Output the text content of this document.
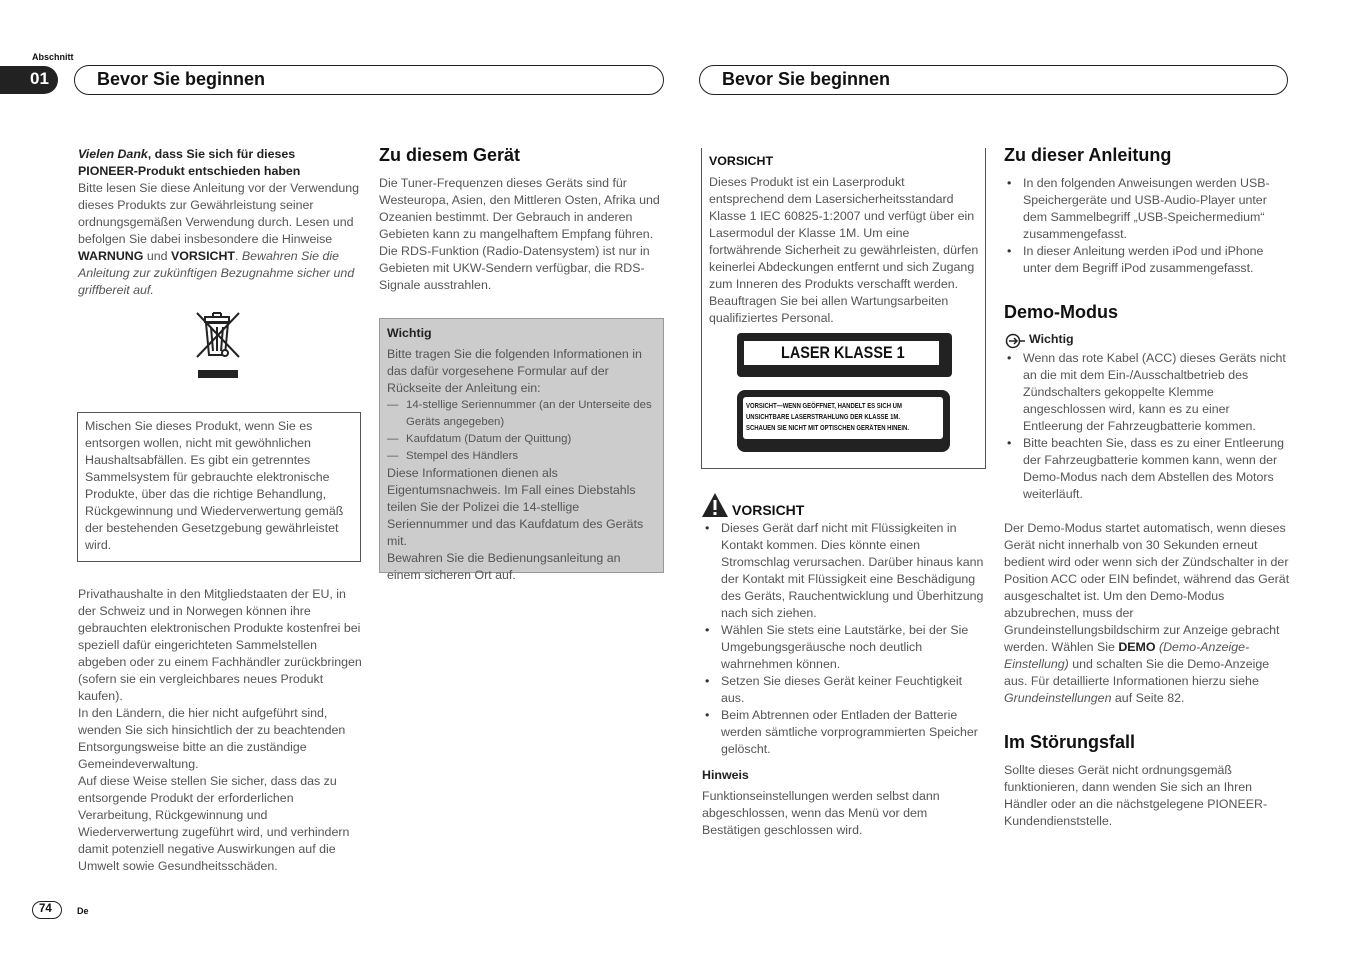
Abschnitt
01	Bevor Sie beginnen	Bevor Sie beginnen
Vielen Dank, dass Sie sich für dieses
PIONEER-Produkt entschieden haben
Bitte lesen Sie diese Anleitung vor der Verwendung dieses Produkts zur Gewährleistung seiner ordnungsgemäßen Verwendung durch. Lesen und befolgen Sie dabei insbesondere die Hinweise WARNUNG und VORSICHT. Bewahren Sie die Anleitung zur zukünftigen Bezugnahme sicher und griffbereit auf.
Mischen Sie dieses Produkt, wenn Sie es entsorgen wollen, nicht mit gewöhnlichen Haushaltsabfällen. Es gibt ein getrenntes Sammelsystem für gebrauchte elektronische Produkte, über das die richtige Behandlung, Rückgewinnung und Wiederverwertung gemäß der bestehenden Gesetzgebung gewährleistet wird.

Privathaushalte in den Mitgliedstaaten der EU, in der Schweiz und in Norwegen können ihre gebrauchten elektronischen Produkte kostenfrei bei speziell dafür eingerichteten Sammelstellen abgeben oder zu einem Fachhändler zurückbringen (sofern sie ein vergleichbares neues Produkt kaufen).

In den Ländern, die hier nicht aufgeführt sind, wenden Sie sich hinsichtlich der zu beachtenden Entsorgungsweise bitte an die zuständige Gemeindeverwaltung.

Auf diese Weise stellen Sie sicher, dass das zu entsorgende Produkt der erforderlichen Verarbeitung, Rückgewinnung und Wiederverwertung zugeführt wird, und verhindern damit potenziell negative Auswirkungen auf die Umwelt sowie Gesundheitsschäden.

Zu diesem Gerät

Die Tuner-Frequenzen dieses Geräts sind für Westeuropa, Asien, den Mittleren Osten, Afrika und Ozeanien bestimmt. Der Gebrauch in anderen Gebieten kann zu mangelhaftem Empfang führen. Die RDS-Funktion (Radio-Datensystem) ist nur in Gebieten mit UKW-Sendern verfügbar, die RDS-Signale ausstrahlen.

Wichtig

Bitte tragen Sie die folgenden Informationen in das dafür vorgesehene Formular auf der Rückseite der Anleitung ein:

— 14-stellige Seriennummer (an der Unterseite des Geräts angegeben)
— Kaufdatum (Datum der Quittung)
— Stempel des Händlers

Diese Informationen dienen als Eigentumsnachweis. Im Fall eines Diebstahls teilen Sie der Polizei die 14-stellige Seriennummer und das Kaufdatum des Geräts mit.

Bewahren Sie die Bedienungsanleitung an einem sicheren Ort auf.

VORSICHT

Dieses Produkt ist ein Laserprodukt entsprechend dem Lasersicherheitsstandard Klasse 1 IEC 60825-1:2007 und verfügt über ein Lasermodul der Klasse 1M. Um eine fortwährende Sicherheit zu gewährleisten, dürfen keinerlei Abdeckungen entfernt und sich Zugang zum Inneren des Produkts verschafft werden. Beauftragen Sie bei allen Wartungsarbeiten qualifiziertes Personal.

LASER KLASSE 1
VORSICHT—WENN GEÖFFNET, HANDELT ES SICH UM
UNSICHTBARE LASERSTRAHLUNG DER KLASSE 1M.
SCHAUEN SIE NICHT MIT OPTISCHEN GERÄTEN HINEIN.
VORSICHT
• Dieses Gerät darf nicht mit Flüssigkeiten in Kontakt kommen. Dies könnte einen Stromschlag verursachen. Darüber hinaus kann der Kontakt mit Flüssigkeit eine Beschädigung des Geräts, Rauchentwicklung und Überhitzung nach sich ziehen.
• Wählen Sie stets eine Lautstärke, bei der Sie Umgebungsgeräusche noch deutlich wahrnehmen können.
• Setzen Sie dieses Gerät keiner Feuchtigkeit aus.
• Beim Abtrennen oder Entladen der Batterie werden sämtliche vorprogrammierten Speicher gelöscht.
Hinweis

Funktionseinstellungen werden selbst dann abgeschlossen, wenn das Menü vor dem Bestätigen geschlossen wird.

Zu dieser Anleitung
• In den folgenden Anweisungen werden USB-Speichergeräte und USB-Audio-Player unter dem Sammelbegriff „USB-Speichermedium“ zusammengefasst.
• In dieser Anleitung werden iPod und iPhone unter dem Begriff iPod zusammengefasst.
Demo-Modus
Wichtig
• Wenn das rote Kabel (ACC) dieses Geräts nicht an die mit dem Ein-/Ausschaltbetrieb des Zündschalters gekoppelte Klemme angeschlossen wird, kann es zu einer Entleerung der Fahrzeugbatterie kommen.
• Bitte beachten Sie, dass es zu einer Entleerung der Fahrzeugbatterie kommen kann, wenn der Demo-Modus nach dem Abstellen des Motors weiterläuft.

Der Demo-Modus startet automatisch, wenn dieses Gerät nicht innerhalb von 30 Sekunden erneut bedient wird oder wenn sich der Zündschalter in der Position ACC oder EIN befindet, während das Gerät ausgeschaltet ist. Um den Demo-Modus abzubrechen, muss der Grundeinstellungsbildschirm zur Anzeige gebracht werden. Wählen Sie DEMO (Demo-Anzeige-Einstellung) und schalten Sie die Demo-Anzeige aus. Für detaillierte Informationen hierzu siehe Grundeinstellungen auf Seite 82.

Im Störungsfall

Sollte dieses Gerät nicht ordnungsgemäß funktionieren, dann wenden Sie sich an Ihren Händler oder an die nächstgelegene PIONEER-Kundendienststelle.

74	De
